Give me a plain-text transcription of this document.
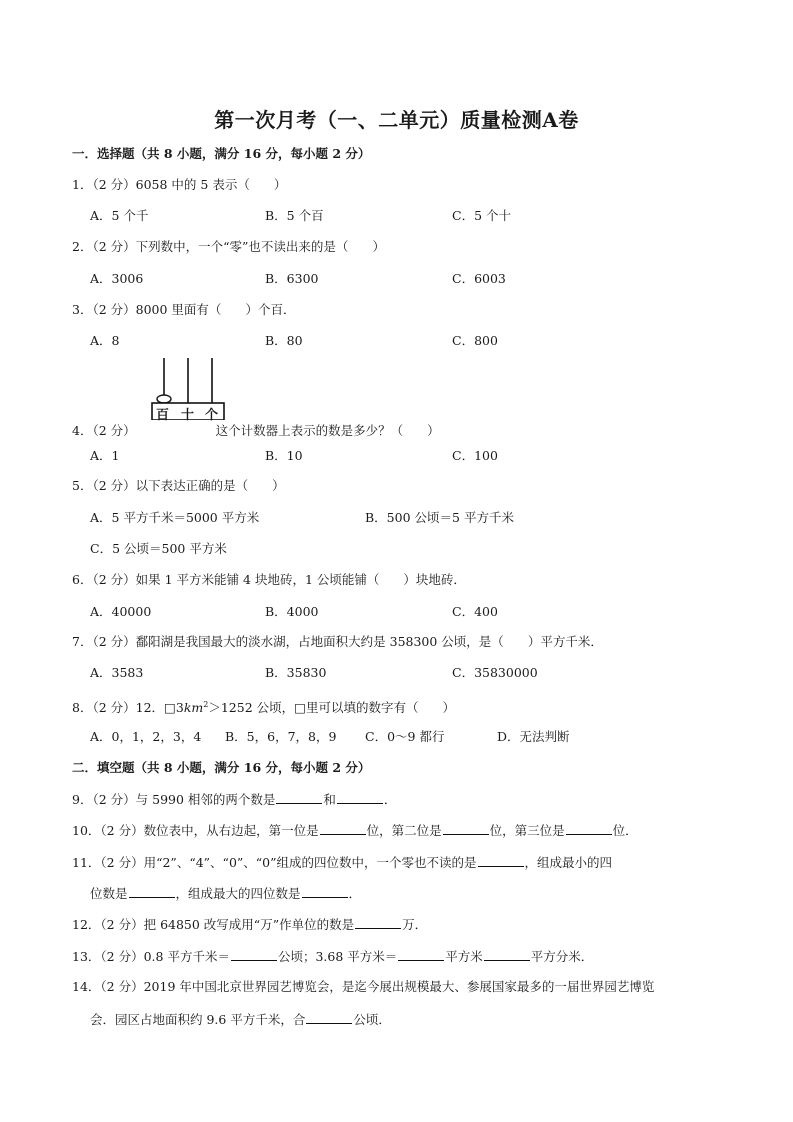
第一次月考（一、二单元）质量检测A卷
一．选择题（共 8 小题，满分 16 分，每小题 2 分）
1．（2 分）6058 中的 5 表示（ ）
A．5 个千	B．5 个百	C．5 个十
2．（2 分）下列数中，一个“零”也不读出来的是（ ）
A．3006	B．6300	C．6003
3．（2 分）8000 里面有（ ）个百．
A．8	B．80	C．800
百 十 个
4．（2 分）	这个计数器上表示的数是多少？（ ）
A．1	B．10	C．100
5．（2 分）以下表达正确的是（ ）
A．5 平方千米＝5000 平方米	B．500 公顷＝5 平方千米
C．5 公顷＝500 平方米
6．（2 分）如果 1 平方米能铺 4 块地砖，1 公顷能铺（ ）块地砖．
A．40000	B．4000	C．400
7．（2 分）鄱阳湖是我国最大的淡水湖，占地面积大约是 358300 公顷，是（ ）平方千米．
A．3583	B．35830	C．35830000
8．（2 分）12．$□3km^2>1252$ 公顷，□里可以填的数字有（ ）
A．0，1，2，3，4 B．5，6，7，8，9 C．0～9 都行	D．无法判断
二．填空题（共 8 小题，满分 16 分，每小题 2 分）
9．（2 分）与 5990 相邻的两个数是	和	．
10．（2 分）数位表中，从右边起，第一位是	位，第二位是	位，第三位是	位．
11．（2 分）用“2”、“4”、“0”、“0”组成的四位数中，一个零也不读的是	，组成最小的四
位数是	，组成最大的四位数是	．
12．（2 分）把 64850 改写成用“万”作单位的数是	万．
13．（2 分）0.8 平方千米＝	公顷；3.68 平方米＝	平方米	平方分米．
14．（2 分）2019 年中国北京世界园艺博览会，是迄今展出规模最大、参展国家最多的一届世界园艺博览
会．园区占地面积约 9.6 平方千米，合	公顷．
